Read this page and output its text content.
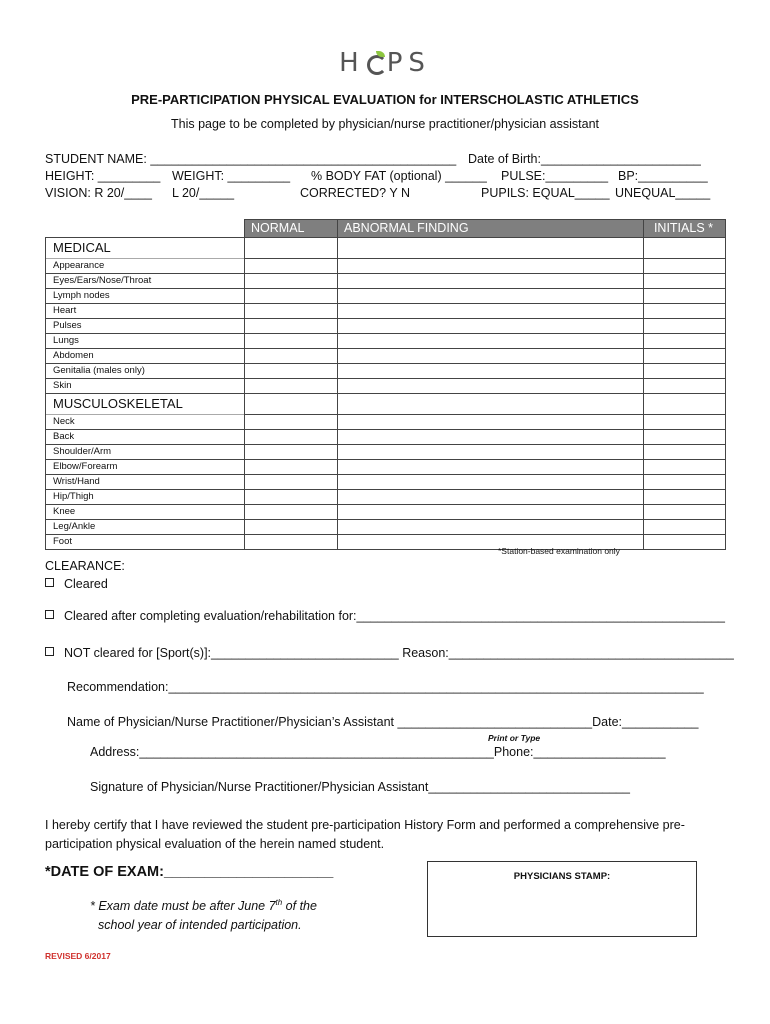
H PS
PRE-PARTICIPATION PHYSICAL EVALUATION for INTERSCHOLASTIC ATHLETICS
This page to be completed by physician/nurse practitioner/physician assistant
STUDENT NAME: ____________________________________________ Date of Birth:_______________________
HEIGHT: _________ WEIGHT: _________ % BODY FAT (optional) ______ PULSE:_________ BP:__________
VISION: R 20/____ L 20/_____	CORRECTED? Y N	PUPILS: EQUAL_____ UNEQUAL_____
	NORMAL	ABNORMAL FINDING	INITIALS *
MEDICAL			
Appearance			
Eyes/Ears/Nose/Throat			
Lymph nodes			
Heart			
Pulses			
Lungs			
Abdomen			
Genitalia (males only)			
Skin			
MUSCULOSKELETAL			
Neck			
Back			
Shoulder/Arm			
Elbow/Forearm			
Wrist/Hand			
Hip/Thigh			
Knee			
Leg/Ankle			
Foot			
*Station-based examination only
CLEARANCE:
Cleared
Cleared after completing evaluation/rehabilitation for:_____________________________________________________
NOT cleared for [Sport(s)]:___________________________ Reason:_________________________________________
Recommendation:_____________________________________________________________________________
Name of Physician/Nurse Practitioner/Physician’s Assistant ____________________________Date:___________
Print or Type
Address:___________________________________________________Phone:___________________
Signature of Physician/Nurse Practitioner/Physician Assistant_____________________________
I hereby certify that I have reviewed the student pre-participation History Form and performed a comprehensive pre-participation physical evaluation of the herein named student.
*DATE OF EXAM:_____________________
* Exam date must be after June 7th of the
school year of intended participation.
PHYSICIANS STAMP:
REVISED 6/2017
